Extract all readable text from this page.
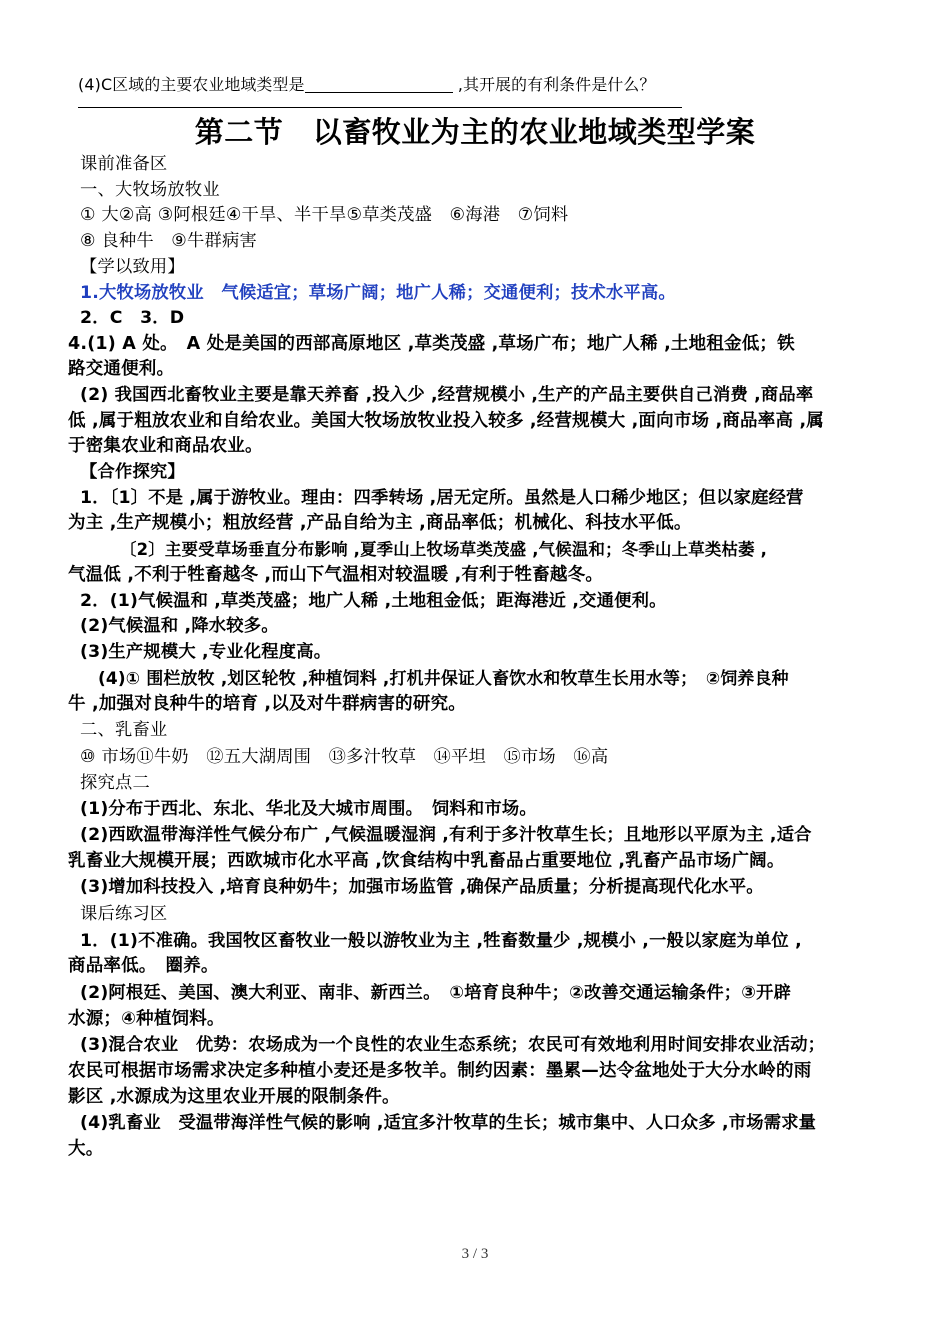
(4)C区域的主要农业地域类型是	,其开展的有利条件是什么？
第二节　以畜牧业为主的农业地域类型学案
课前准备区
一、大牧场放牧业
① 大②高 ③阿根廷④干旱、半干旱⑤草类茂盛　⑥海港　⑦饲料
⑧ 良种牛　⑨牛群病害
【学以致用】
1.大牧场放牧业　气候适宜；草场广阔；地广人稀；交通便利；技术水平高。
2．C　3．D
4.(1) A 处。　A 处是美国的西部高原地区 ,草类茂盛 ,草场广布；地广人稀 ,土地租金低；铁
路交通便利。
(2) 我国西北畜牧业主要是靠天养畜 ,投入少 ,经营规模小 ,生产的产品主要供自己消费 ,商品率
低 ,属于粗放农业和自给农业。美国大牧场放牧业投入较多 ,经营规模大 ,面向市场 ,商品率高 ,属
于密集农业和商品农业。
【合作探究】
1．〔1〕不是 ,属于游牧业。理由：四季转场 ,居无定所。虽然是人口稀少地区；但以家庭经营
为主 ,生产规模小；粗放经营 ,产品自给为主 ,商品率低；机械化、科技水平低。
〔2〕主要受草场垂直分布影响 ,夏季山上牧场草类茂盛 ,气候温和；冬季山上草类枯萎 ,
气温低 ,不利于牲畜越冬 ,而山下气温相对较温暖 ,有利于牲畜越冬。
2．(1)气候温和 ,草类茂盛；地广人稀 ,土地租金低；距海港近 ,交通便利。
(2)气候温和 ,降水较多。
(3)生产规模大 ,专业化程度高。
(4)① 围栏放牧 ,划区轮牧 ,种植饲料 ,打机井保证人畜饮水和牧草生长用水等；　②饲养良种
牛 ,加强对良种牛的培育 ,以及对牛群病害的研究。
二、乳畜业
⑩ 市场⑪牛奶　⑫五大湖周围　⑬多汁牧草　⑭平坦　⑮市场　⑯高
探究点二
(1)分布于西北、东北、华北及大城市周围。　饲料和市场。
(2)西欧温带海洋性气候分布广 ,气候温暖湿润 ,有利于多汁牧草生长；且地形以平原为主 ,适合
乳畜业大规模开展；西欧城市化水平高 ,饮食结构中乳畜品占重要地位 ,乳畜产品市场广阔。
(3)增加科技投入 ,培育良种奶牛；加强市场监管 ,确保产品质量；分析提高现代化水平。
课后练习区
1．(1)不准确。我国牧区畜牧业一般以游牧业为主 ,牲畜数量少 ,规模小 ,一般以家庭为单位 ,
商品率低。　圈养。
(2)阿根廷、美国、澳大利亚、南非、新西兰。　①培育良种牛；②改善交通运输条件；③开辟
水源；④种植饲料。
(3)混合农业　优势：农场成为一个良性的农业生态系统；农民可有效地利用时间安排农业活动；
农民可根据市场需求决定多种植小麦还是多牧羊。制约因素：墨累—达令盆地处于大分水岭的雨
影区 ,水源成为这里农业开展的限制条件。
(4)乳畜业　受温带海洋性气候的影响 ,适宜多汁牧草的生长；城市集中、人口众多 ,市场需求量
大。
3 / 3
